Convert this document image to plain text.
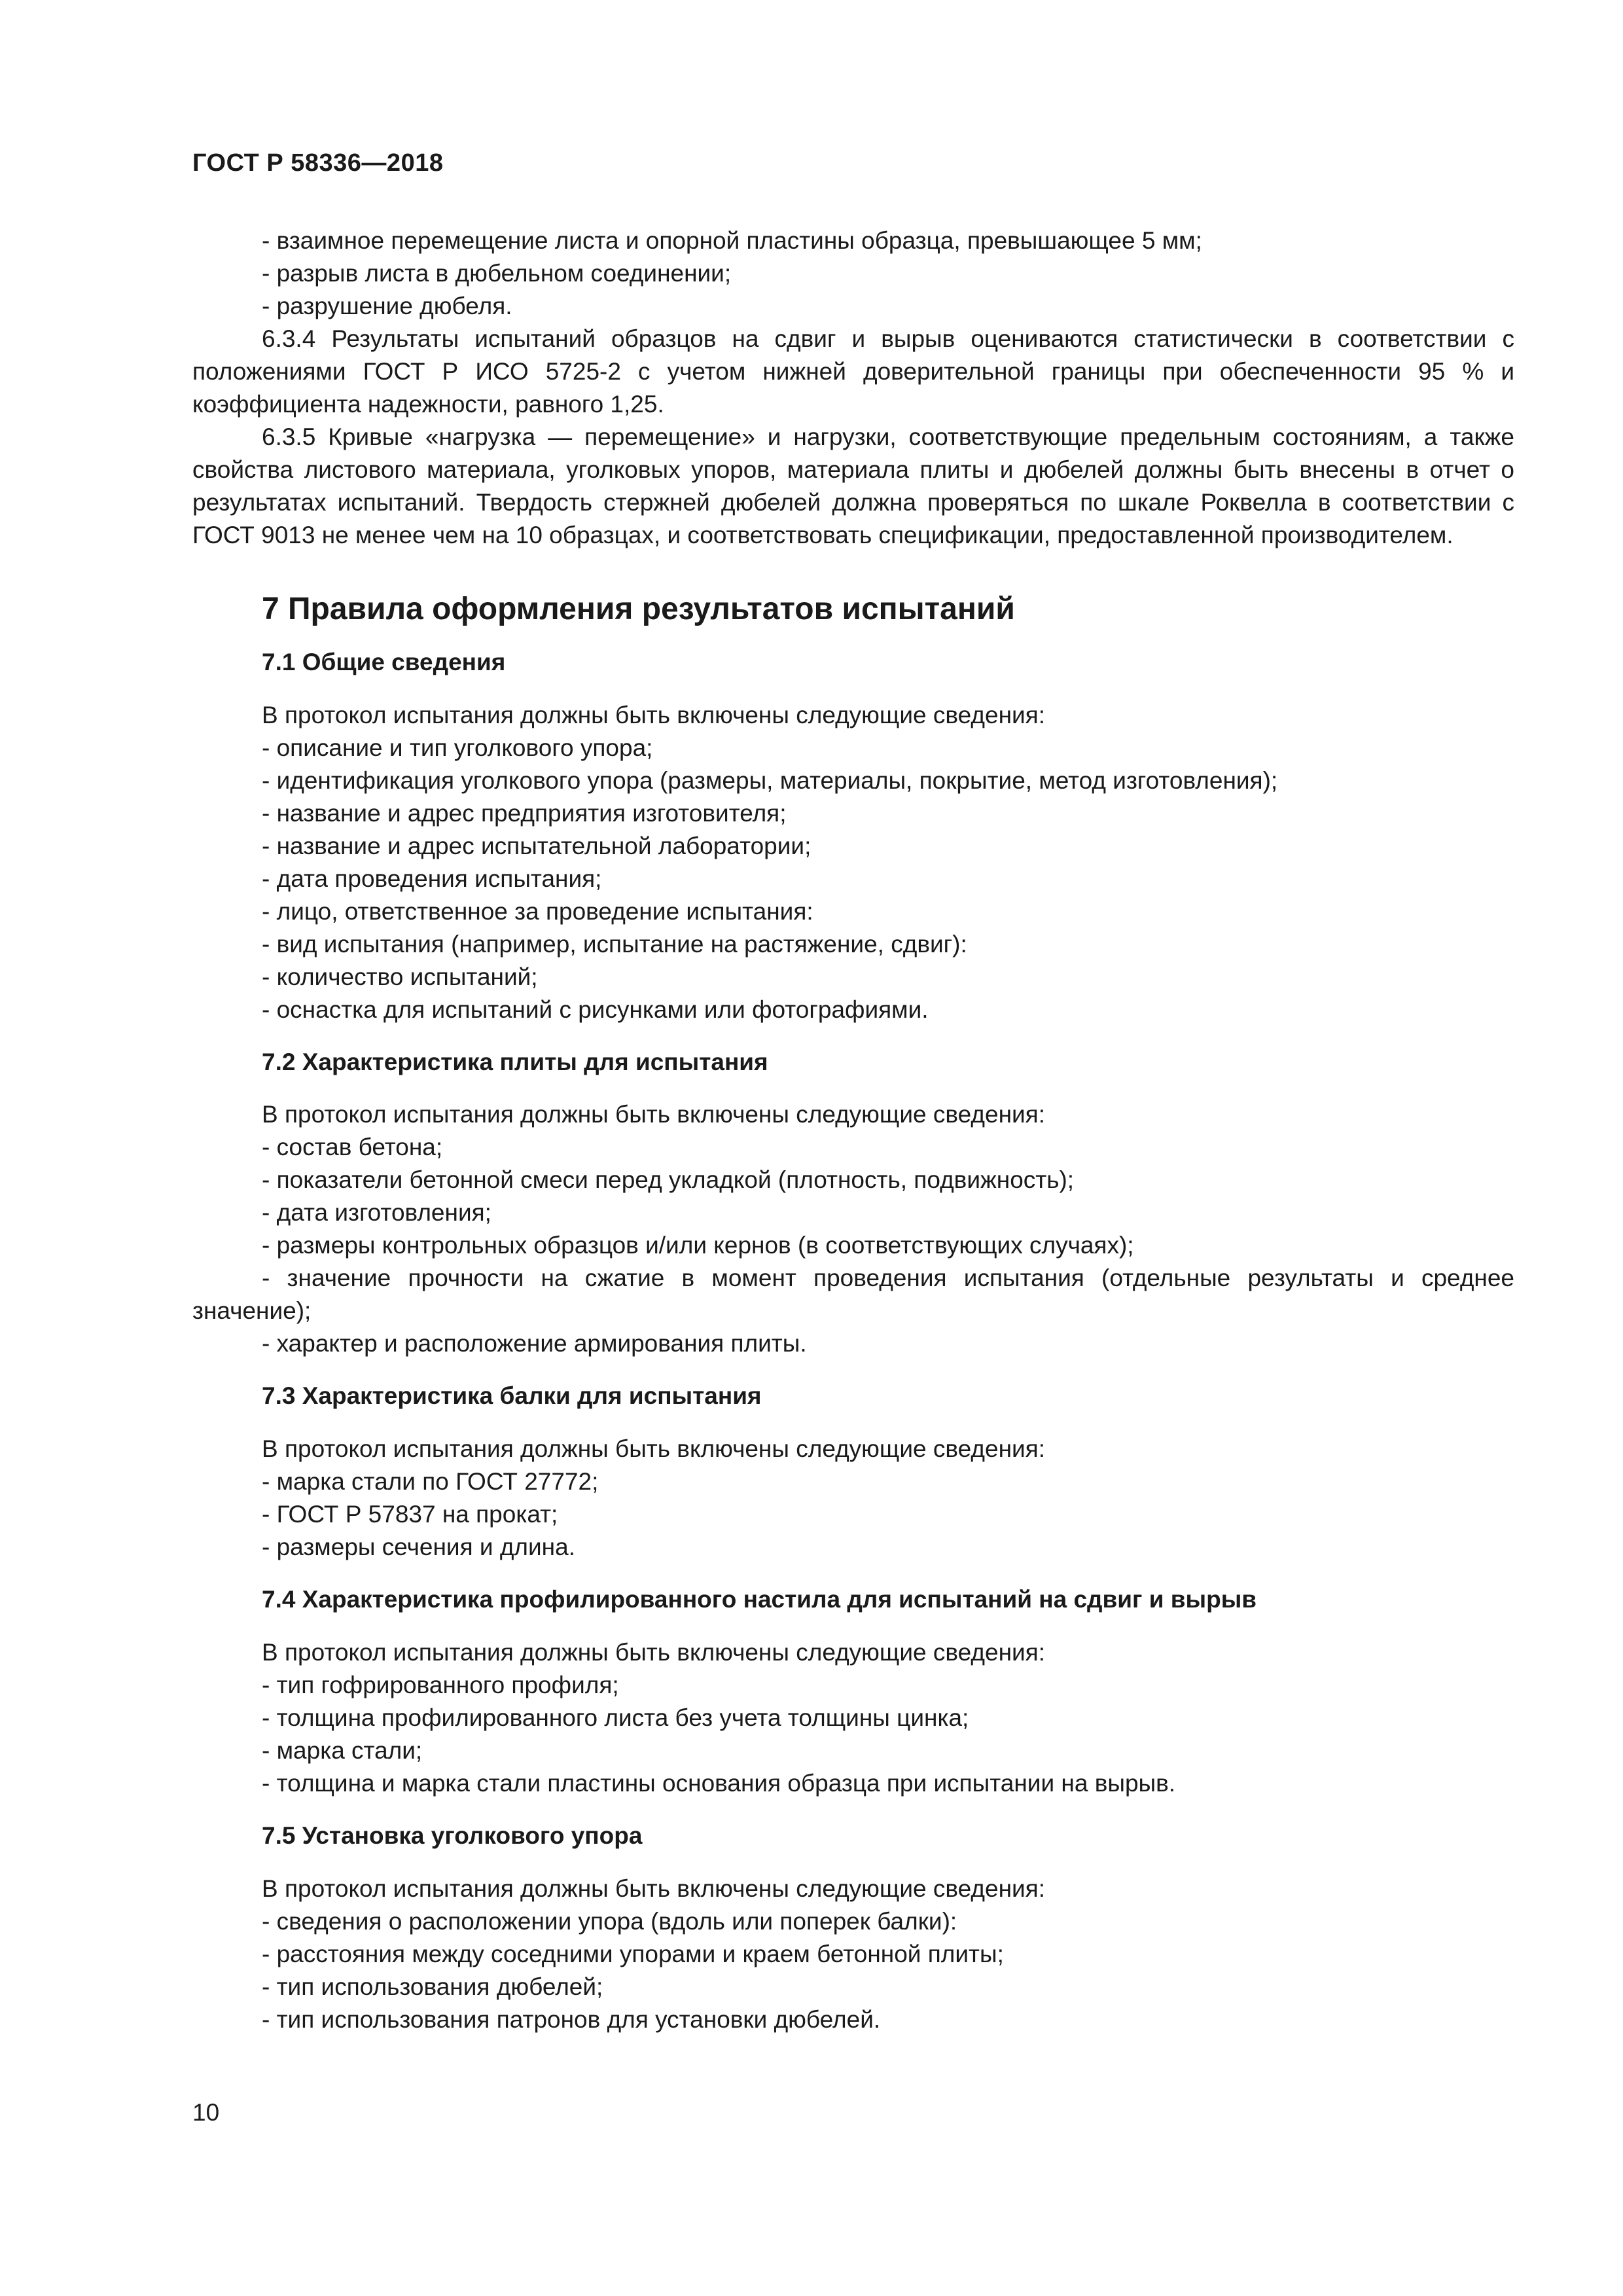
ГОСТ Р 58336—2018

- взаимное перемещение листа и опорной пластины образца, превышающее 5 мм;

- разрыв листа в дюбельном соединении;

- разрушение дюбеля.

6.3.4 Результаты испытаний образцов на сдвиг и вырыв оцениваются статистически в соответствии с положениями ГОСТ Р ИСО 5725-2 с учетом нижней доверительной границы при обеспеченности 95 % и коэффициента надежности, равного 1,25.

6.3.5 Кривые «нагрузка — перемещение» и нагрузки, соответствующие предельным состояниям, а также свойства листового материала, уголковых упоров, материала плиты и дюбелей должны быть внесены в отчет о результатах испытаний. Твердость стержней дюбелей должна проверяться по шкале Роквелла в соответствии с ГОСТ 9013 не менее чем на 10 образцах, и соответствовать спецификации, предоставленной производителем.

7 Правила оформления результатов испытаний
7.1 Общие сведения

В протокол испытания должны быть включены следующие сведения:

- описание и тип уголкового упора;

- идентификация уголкового упора (размеры, материалы, покрытие, метод изготовления);

- название и адрес предприятия изготовителя;

- название и адрес испытательной лаборатории;

- дата проведения испытания;

- лицо, ответственное за проведение испытания:

- вид испытания (например, испытание на растяжение, сдвиг):

- количество испытаний;

- оснастка для испытаний с рисунками или фотографиями.

7.2 Характеристика плиты для испытания

В протокол испытания должны быть включены следующие сведения:

- состав бетона;

- показатели бетонной смеси перед укладкой (плотность, подвижность);

- дата изготовления;

- размеры контрольных образцов и/или кернов (в соответствующих случаях);

- значение прочности на сжатие в момент проведения испытания (отдельные результаты и среднее значение);

- характер и расположение армирования плиты.

7.3 Характеристика балки для испытания

В протокол испытания должны быть включены следующие сведения:

- марка стали по ГОСТ 27772;

- ГОСТ Р 57837 на прокат;

- размеры сечения и длина.

7.4 Характеристика профилированного настила для испытаний на сдвиг и вырыв

В протокол испытания должны быть включены следующие сведения:

- тип гофрированного профиля;

- толщина профилированного листа без учета толщины цинка;

- марка стали;

- толщина и марка стали пластины основания образца при испытании на вырыв.

7.5 Установка уголкового упора

В протокол испытания должны быть включены следующие сведения:

- сведения о расположении упора (вдоль или поперек балки):

- расстояния между соседними упорами и краем бетонной плиты;

- тип использования дюбелей;

- тип использования патронов для установки дюбелей.

10
